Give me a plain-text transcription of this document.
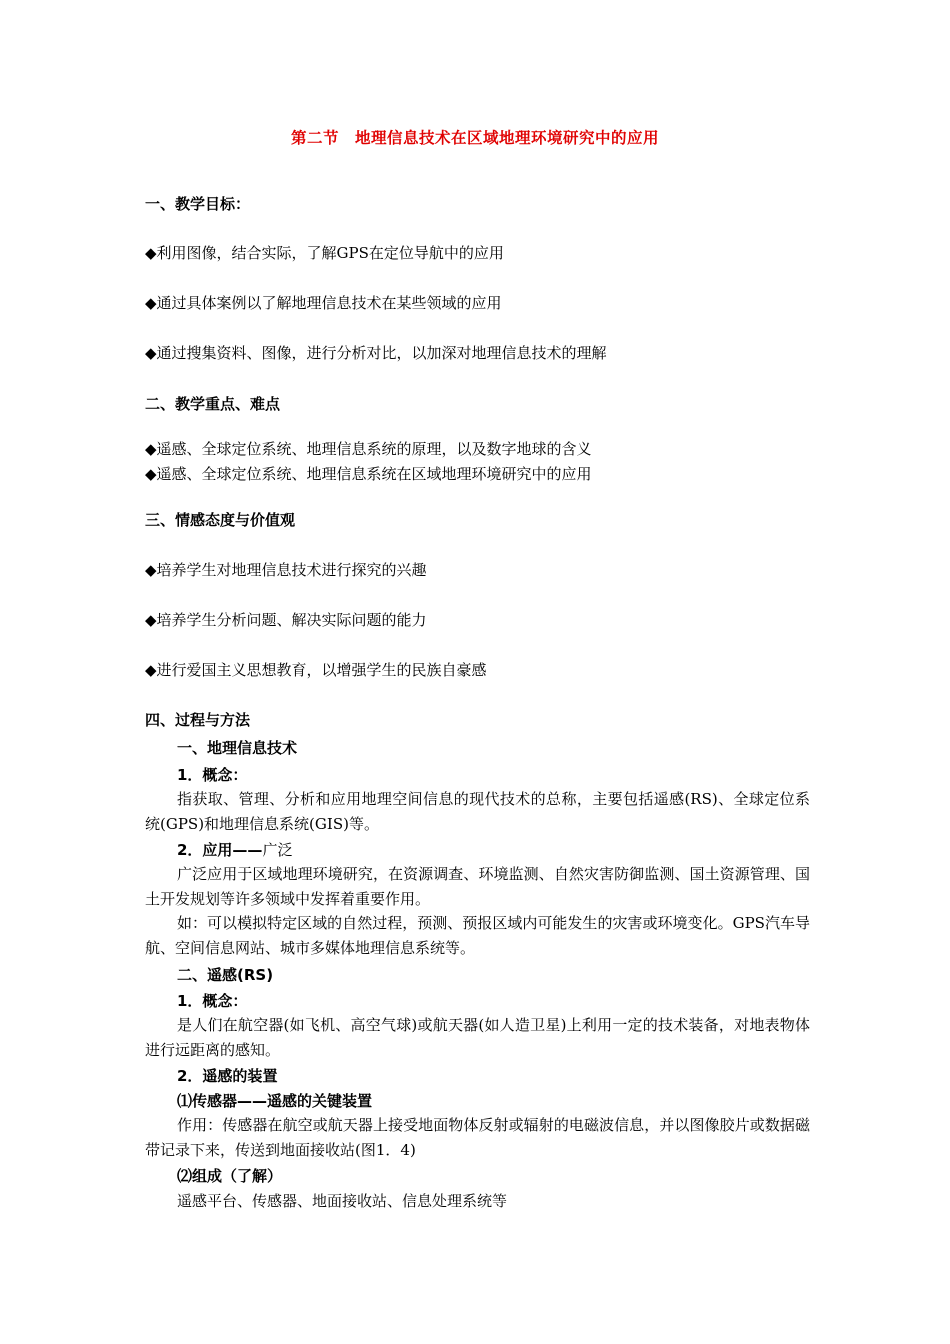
第二节　地理信息技术在区域地理环境研究中的应用
一、教学目标：
◆利用图像，结合实际，了解GPS在定位导航中的应用
◆通过具体案例以了解地理信息技术在某些领域的应用
◆通过搜集资料、图像，进行分析对比，以加深对地理信息技术的理解
二、教学重点、难点
◆遥感、全球定位系统、地理信息系统的原理，以及数字地球的含义
◆遥感、全球定位系统、地理信息系统在区域地理环境研究中的应用
三、情感态度与价值观
◆培养学生对地理信息技术进行探究的兴趣
◆培养学生分析问题、解决实际问题的能力
◆进行爱国主义思想教育，以增强学生的民族自豪感
四、过程与方法
一、地理信息技术
1．概念：
指获取、管理、分析和应用地理空间信息的现代技术的总称，主要包括遥感(RS)、全球定位系统(GPS)和地理信息系统(GIS)等。
2．应用——广泛
广泛应用于区域地理环境研究，在资源调查、环境监测、自然灾害防御监测、国土资源管理、国土开发规划等许多领域中发挥着重要作用。
如：可以模拟特定区域的自然过程，预测、预报区域内可能发生的灾害或环境变化。GPS汽车导航、空间信息网站、城市多媒体地理信息系统等。
二、遥感(RS)
1．概念：
是人们在航空器(如飞机、高空气球)或航天器(如人造卫星)上利用一定的技术装备，对地表物体进行远距离的感知。
2．遥感的装置
⑴传感器——遥感的关键装置
作用：传感器在航空或航天器上接受地面物体反射或辐射的电磁波信息，并以图像胶片或数据磁带记录下来，传送到地面接收站(图1．4)
⑵组成（了解）
遥感平台、传感器、地面接收站、信息处理系统等
